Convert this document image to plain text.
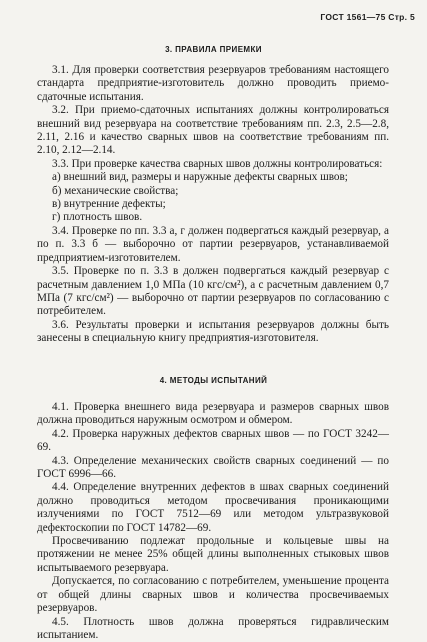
ГОСТ 1561—75 Стр. 5
3. ПРАВИЛА ПРИЕМКИ

3.1. Для проверки соответствия резервуаров требованиям настоящего стандарта предприятие-изготовитель должно проводить приемо-сдаточные испытания.

3.2. При приемо-сдаточных испытаниях должны контролироваться внешний вид резервуара на соответствие требованиям пп. 2.3, 2.5—2.8, 2.11, 2.16 и качество сварных швов на соответствие требованиям пп. 2.10, 2.12—2.14.

3.3. При проверке качества сварных швов должны контролироваться:

а) внешний вид, размеры и наружные дефекты сварных швов;

б) механические свойства;

в) внутренние дефекты;

г) плотность швов.

3.4. Проверке по пп. 3.3 а, г должен подвергаться каждый резервуар, а по п. 3.3 б — выборочно от партии резервуаров, устанавливаемой предприятием-изготовителем.

3.5. Проверке по п. 3.3 в должен подвергаться каждый резервуар с расчетным давлением 1,0 МПа (10 кгс/см²), а с расчетным давлением 0,7 МПа (7 кгс/см²) — выборочно от партии резервуаров по согласованию с потребителем.

3.6. Результаты проверки и испытания резервуаров должны быть занесены в специальную книгу предприятия-изготовителя.

4. МЕТОДЫ ИСПЫТАНИЙ

4.1. Проверка внешнего вида резервуара и размеров сварных швов должна проводиться наружным осмотром и обмером.

4.2. Проверка наружных дефектов сварных швов — по ГОСТ 3242—69.

4.3. Определение механических свойств сварных соединений — по ГОСТ 6996—66.

4.4. Определение внутренних дефектов в швах сварных соединений должно проводиться методом просвечивания проникающими излучениями по ГОСТ 7512—69 или методом ультразвуковой дефектоскопии по ГОСТ 14782—69.

Просвечиванию подлежат продольные и кольцевые швы на протяжении не менее 25% общей длины выполненных стыковых швов испытываемого резервуара.

Допускается, по согласованию с потребителем, уменьшение процента от общей длины сварных швов и количества просвечиваемых резервуаров.

4.5. Плотность швов должна проверяться гидравлическим испытанием.
